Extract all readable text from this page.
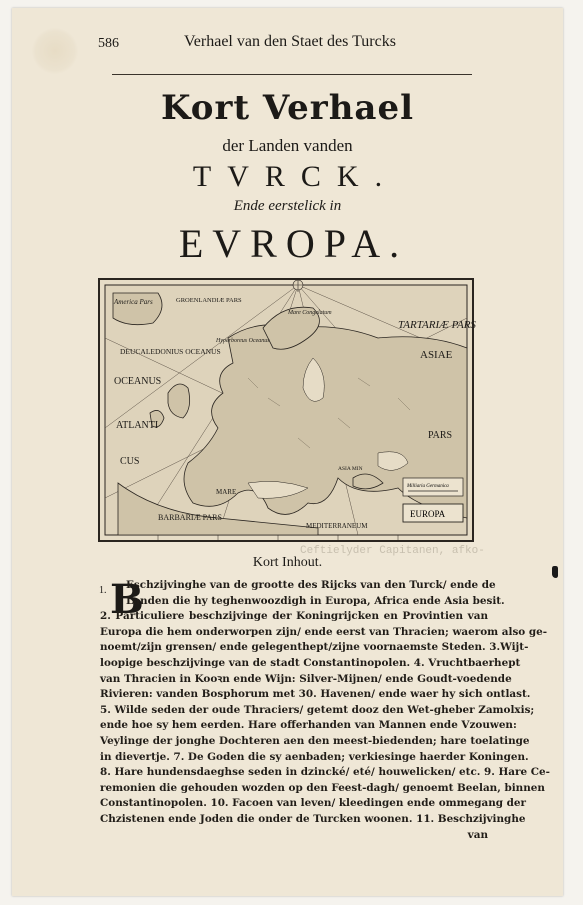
586	Verhael van den Staet des Turcks
Kort Verhael
der Landen vanden
TVRCK.
Ende eerstelick in
EVROPA.
America Pars	GROENLANDIÆ PARS
Mare Congelatum
Hyperboreus Oceanus
TARTARIÆ PARS
ASIAE
PARS
DEUCALEDONIUS OCEANUS
OCEANUS
ATLANTI
CUS
MARE
BARBARIÆ PARS
MEDITERRANEUM
ASIA MIN
Milliaria Germanica
EUROPA
Ceftielyder Capitanen, afko-
Kort Inhout.
1. B
Eschzijvinghe van de grootte des Rijcks van den Turck/ ende de
Landen die hy teghenwoozdigh in Europa, Africa ende Asia besit.
2. Particuliere beschzijvinge der Koningrijcken en Provintien van
Europa die hem onderworpen zijn/ ende eerst van Thracien; waerom also ge-
noemt/zijn grensen/ ende gelegenthept/zijne voornaemste Steden. 3.Wijt-
loopige beschzijvinge van de stadt Constantinopolen. 4. Vruchtbaerhept
van Thracien in Kooꝛn ende Wijn: Silver-Mijnen/ ende Goudt-voedende
Rivieren: vanden Bosphorum met 30. Havenen/ ende waer hy sich ontlast.
5. Wilde seden der oude Thraciers/ getemt dooz den Wet-gheber Zamolxis;
ende hoe sy hem eerden. Hare offerhanden van Mannen ende Vzouwen:
Veylinge der jonghe Dochteren aen den meest-biedenden; hare toelatinge
in dievertje. 7. De Goden die sy aenbaden; verkiesinge haerder Koningen.
8. Hare hundensdaeghse seden in dzincké/ eté/ houwelicken/ etc. 9. Hare Ce-
remonien die gehouden wozden op den Feest-dagh/ genoemt Beelan, binnen
Constantinopolen. 10. Facoen van leven/ kleedingen ende ommegang der
Chzistenen ende Joden die onder de Turcken woonen. 11. Beschzijvinghe
van
